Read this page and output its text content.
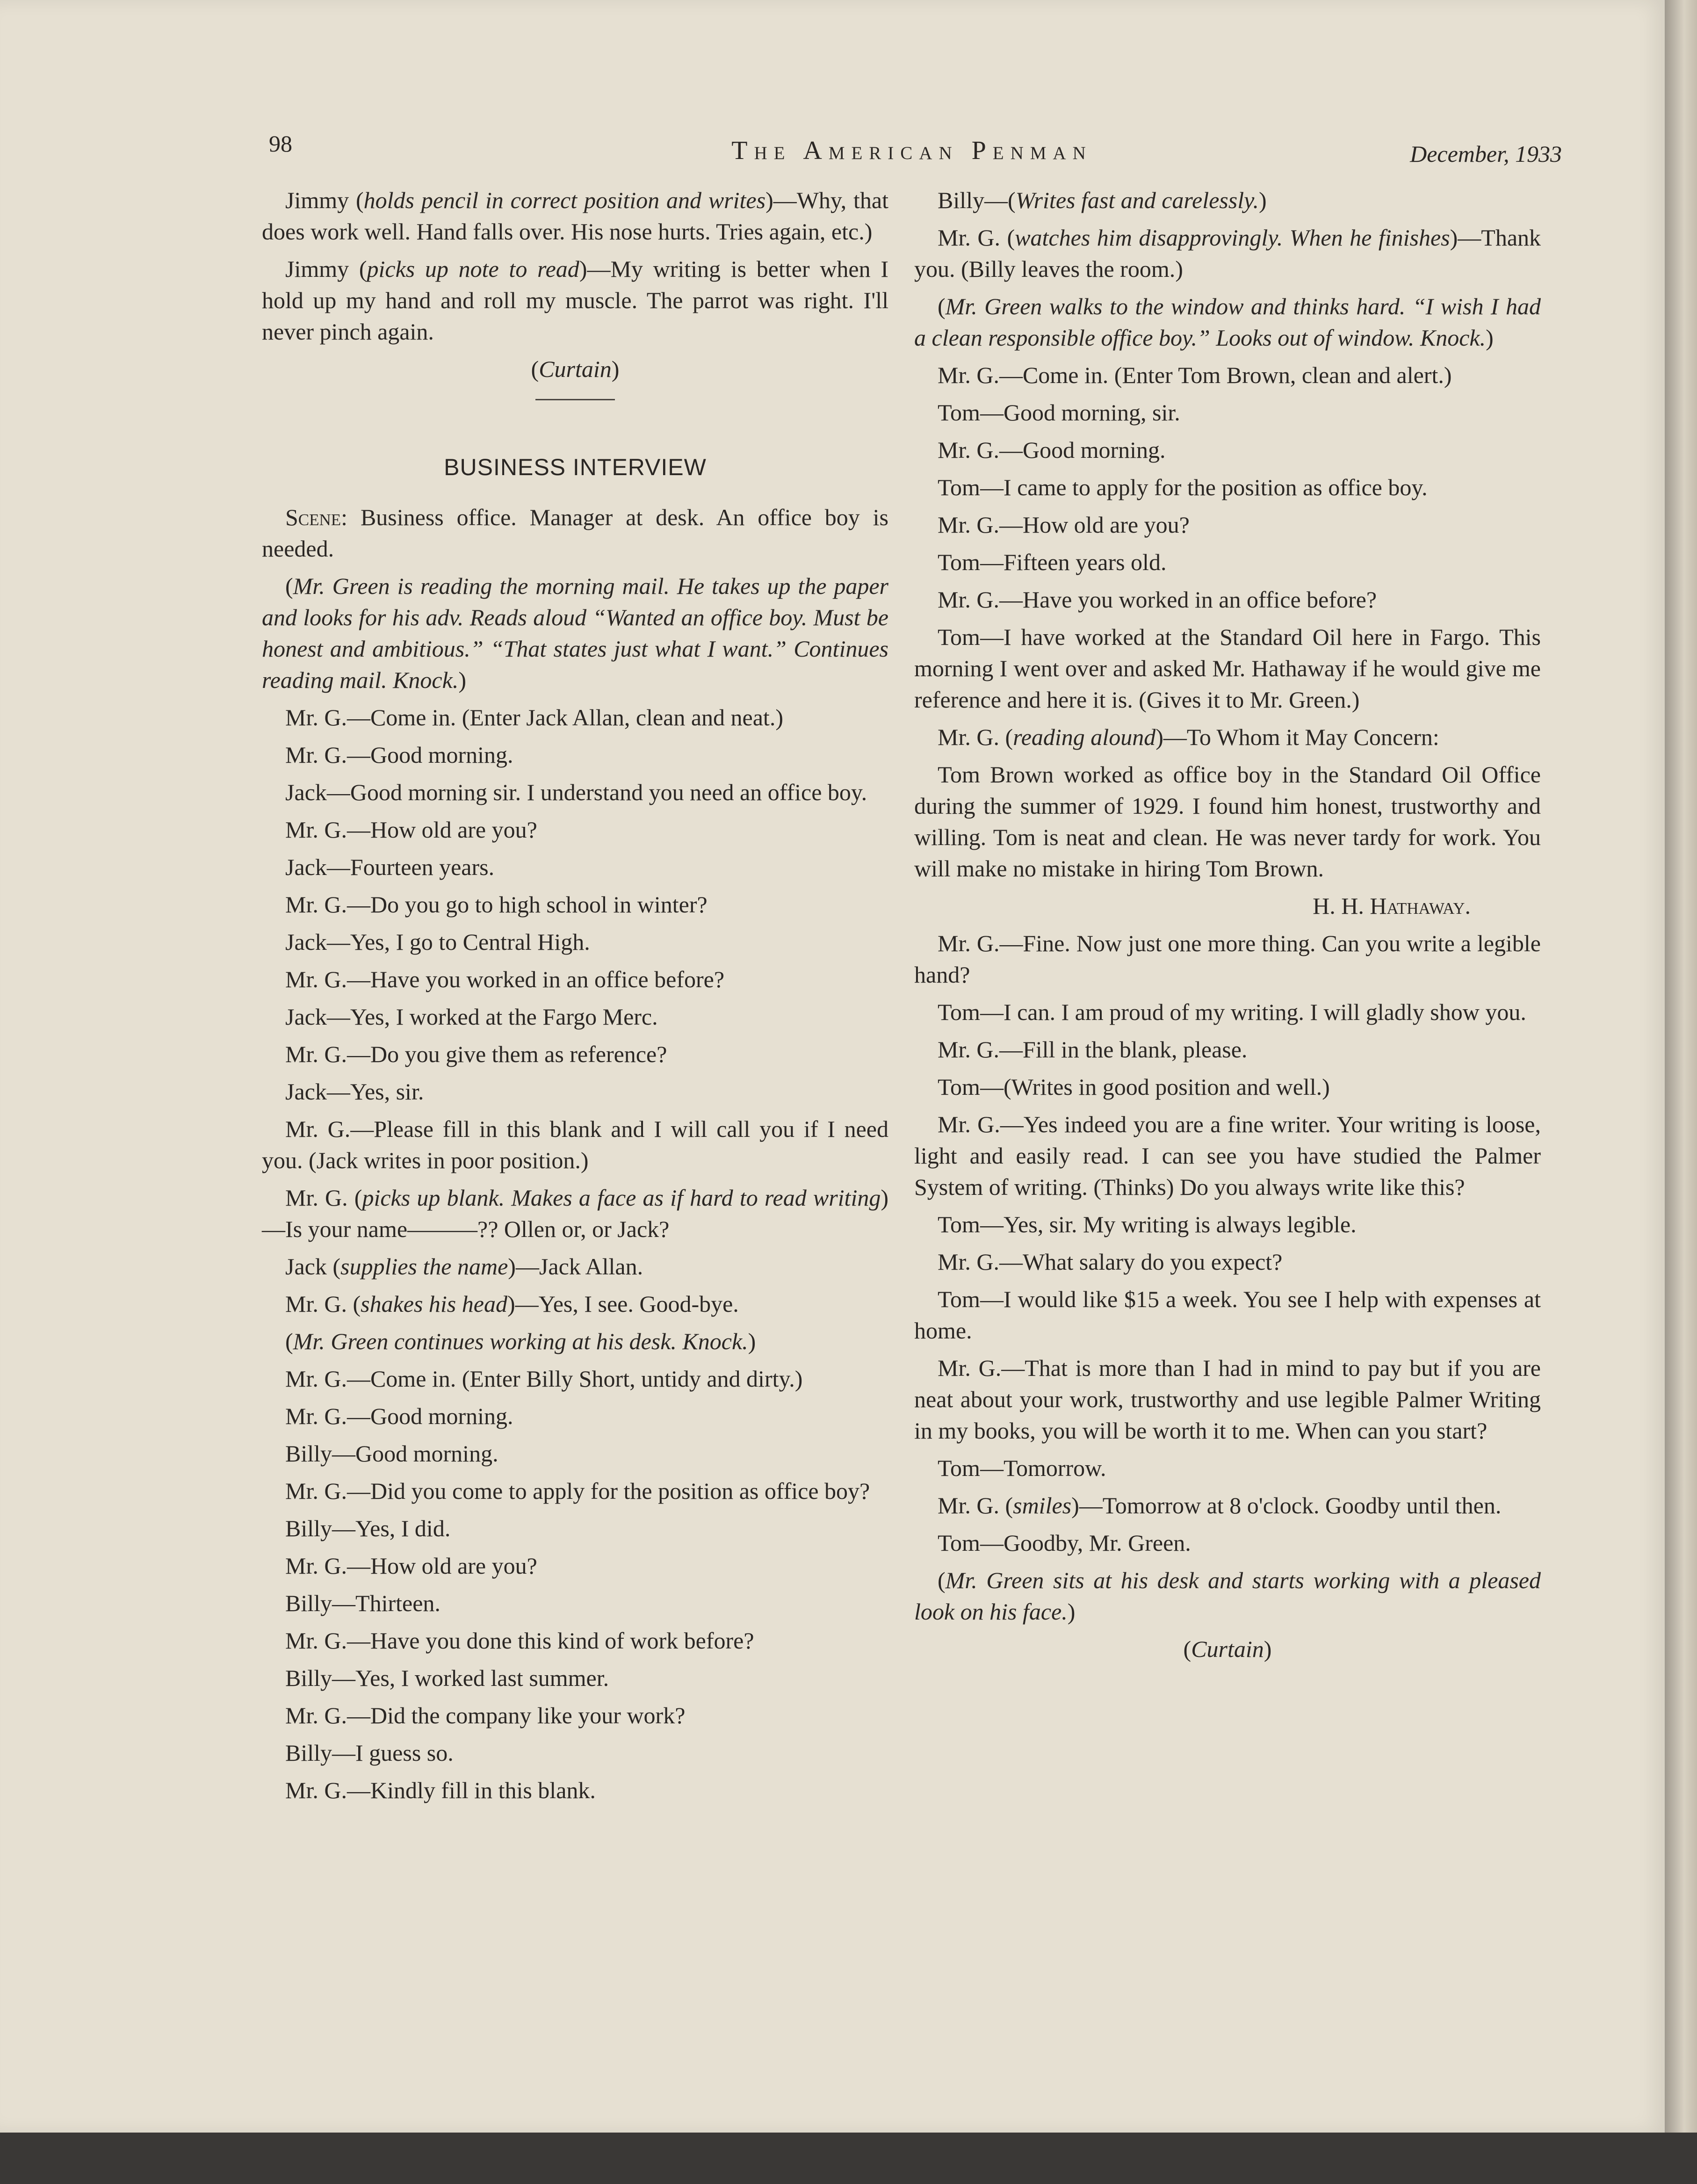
98	The American Penman	December, 1933

Jimmy (holds pencil in correct position and writes)—Why, that does work well. Hand falls over. His nose hurts. Tries again, etc.)

Jimmy (picks up note to read)—My writing is better when I hold up my hand and roll my muscle. The parrot was right. I'll never pinch again.

(Curtain)

BUSINESS INTERVIEW

Scene: Business office. Manager at desk. An office boy is needed.

(Mr. Green is reading the morning mail. He takes up the paper and looks for his adv. Reads aloud “Wanted an office boy. Must be honest and ambitious.” “That states just what I want.” Continues reading mail. Knock.)

Mr. G.—Come in. (Enter Jack Allan, clean and neat.)

Mr. G.—Good morning.

Jack—Good morning sir. I understand you need an office boy.

Mr. G.—How old are you?

Jack—Fourteen years.

Mr. G.—Do you go to high school in winter?

Jack—Yes, I go to Central High.

Mr. G.—Have you worked in an office before?

Jack—Yes, I worked at the Fargo Merc.

Mr. G.—Do you give them as reference?

Jack—Yes, sir.

Mr. G.—Please fill in this blank and I will call you if I need you. (Jack writes in poor position.)

Mr. G. (picks up blank. Makes a face as if hard to read writing)—Is your name———?? Ollen or, or Jack?

Jack (supplies the name)—Jack Allan.

Mr. G. (shakes his head)—Yes, I see. Good-bye.

(Mr. Green continues working at his desk. Knock.)

Mr. G.—Come in. (Enter Billy Short, untidy and dirty.)

Mr. G.—Good morning.

Billy—Good morning.

Mr. G.—Did you come to apply for the position as office boy?

Billy—Yes, I did.

Mr. G.—How old are you?

Billy—Thirteen.

Mr. G.—Have you done this kind of work before?

Billy—Yes, I worked last summer.

Mr. G.—Did the company like your work?

Billy—I guess so.

Mr. G.—Kindly fill in this blank.

Billy—(Writes fast and carelessly.)

Mr. G. (watches him disapprovingly. When he finishes)—Thank you. (Billy leaves the room.)

(Mr. Green walks to the window and thinks hard. “I wish I had a clean responsible office boy.” Looks out of window. Knock.)

Mr. G.—Come in. (Enter Tom Brown, clean and alert.)

Tom—Good morning, sir.

Mr. G.—Good morning.

Tom—I came to apply for the position as office boy.

Mr. G.—How old are you?

Tom—Fifteen years old.

Mr. G.—Have you worked in an office before?

Tom—I have worked at the Standard Oil here in Fargo. This morning I went over and asked Mr. Hathaway if he would give me reference and here it is. (Gives it to Mr. Green.)

Mr. G. (reading alound)—To Whom it May Concern:

Tom Brown worked as office boy in the Standard Oil Office during the summer of 1929. I found him honest, trustworthy and willing. Tom is neat and clean. He was never tardy for work. You will make no mistake in hiring Tom Brown.

H. H. Hathaway.

Mr. G.—Fine. Now just one more thing. Can you write a legible hand?

Tom—I can. I am proud of my writing. I will gladly show you.

Mr. G.—Fill in the blank, please.

Tom—(Writes in good position and well.)

Mr. G.—Yes indeed you are a fine writer. Your writing is loose, light and easily read. I can see you have studied the Palmer System of writing. (Thinks) Do you always write like this?

Tom—Yes, sir. My writing is always legible.

Mr. G.—What salary do you expect?

Tom—I would like $15 a week. You see I help with expenses at home.

Mr. G.—That is more than I had in mind to pay but if you are neat about your work, trustworthy and use legible Palmer Writing in my books, you will be worth it to me. When can you start?

Tom—Tomorrow.

Mr. G. (smiles)—Tomorrow at 8 o'clock. Goodby until then.

Tom—Goodby, Mr. Green.

(Mr. Green sits at his desk and starts working with a pleased look on his face.)

(Curtain)
